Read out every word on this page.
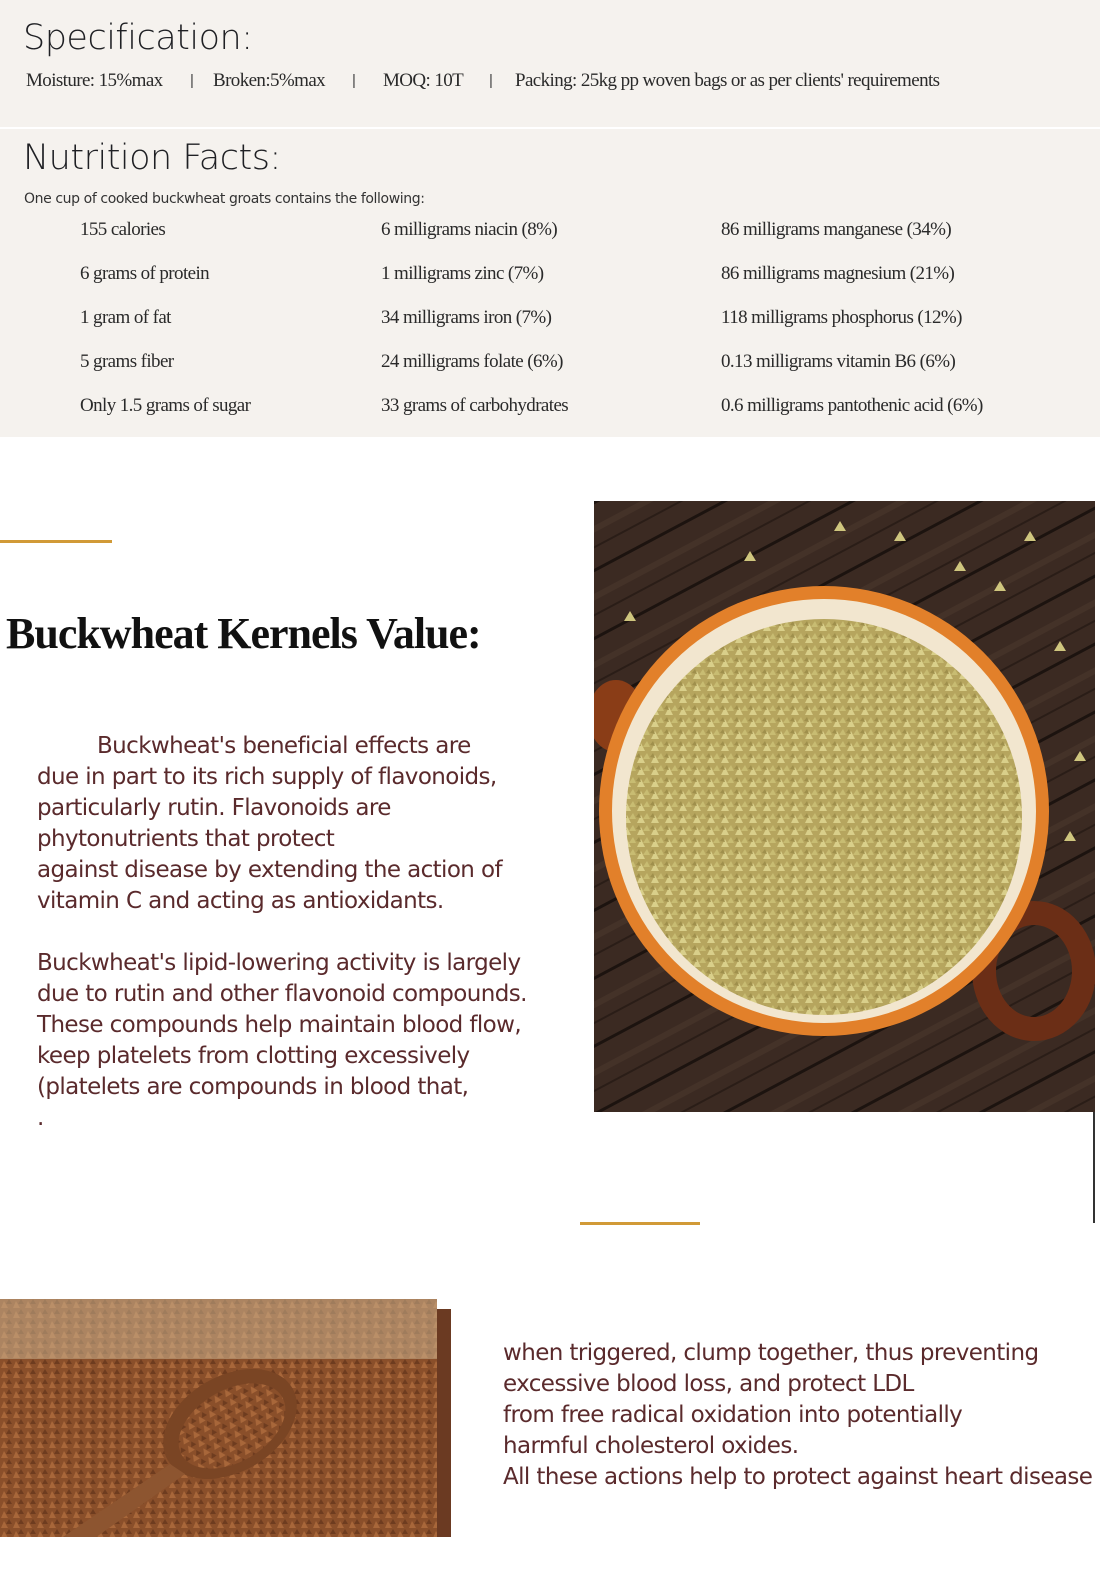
Specification:
Moisture: 15%max | Broken:5%max | MOQ: 10T | Packing: 25kg pp woven bags or as per clients' requirements
Nutrition Facts:
One cup of cooked buckwheat groats contains the following:
155 calories
6 grams of protein
1 gram of fat
5 grams fiber
Only 1.5 grams of sugar
6 milligrams niacin (8%)
1 milligrams zinc (7%)
34 milligrams iron (7%)
24 milligrams folate (6%)
33 grams of carbohydrates
86 milligrams manganese (34%)
86 milligrams magnesium (21%)
118 milligrams phosphorus (12%)
0.13 milligrams vitamin B6 (6%)
0.6 milligrams pantothenic acid (6%)
Buckwheat Kernels Value:
Buckwheat's beneficial effects are
due in part to its rich supply of flavonoids,
particularly rutin. Flavonoids are
phytonutrients that protect
against disease by extending the action of
vitamin C and acting as antioxidants.
Buckwheat's lipid-lowering activity is largely
due to rutin and other flavonoid compounds.
These compounds help maintain blood flow,
keep platelets from clotting excessively
(platelets are compounds in blood that,
.
when triggered, clump together, thus preventing
excessive blood loss, and protect LDL
from free radical oxidation into potentially
harmful cholesterol oxides.
All these actions help to protect against heart disease
